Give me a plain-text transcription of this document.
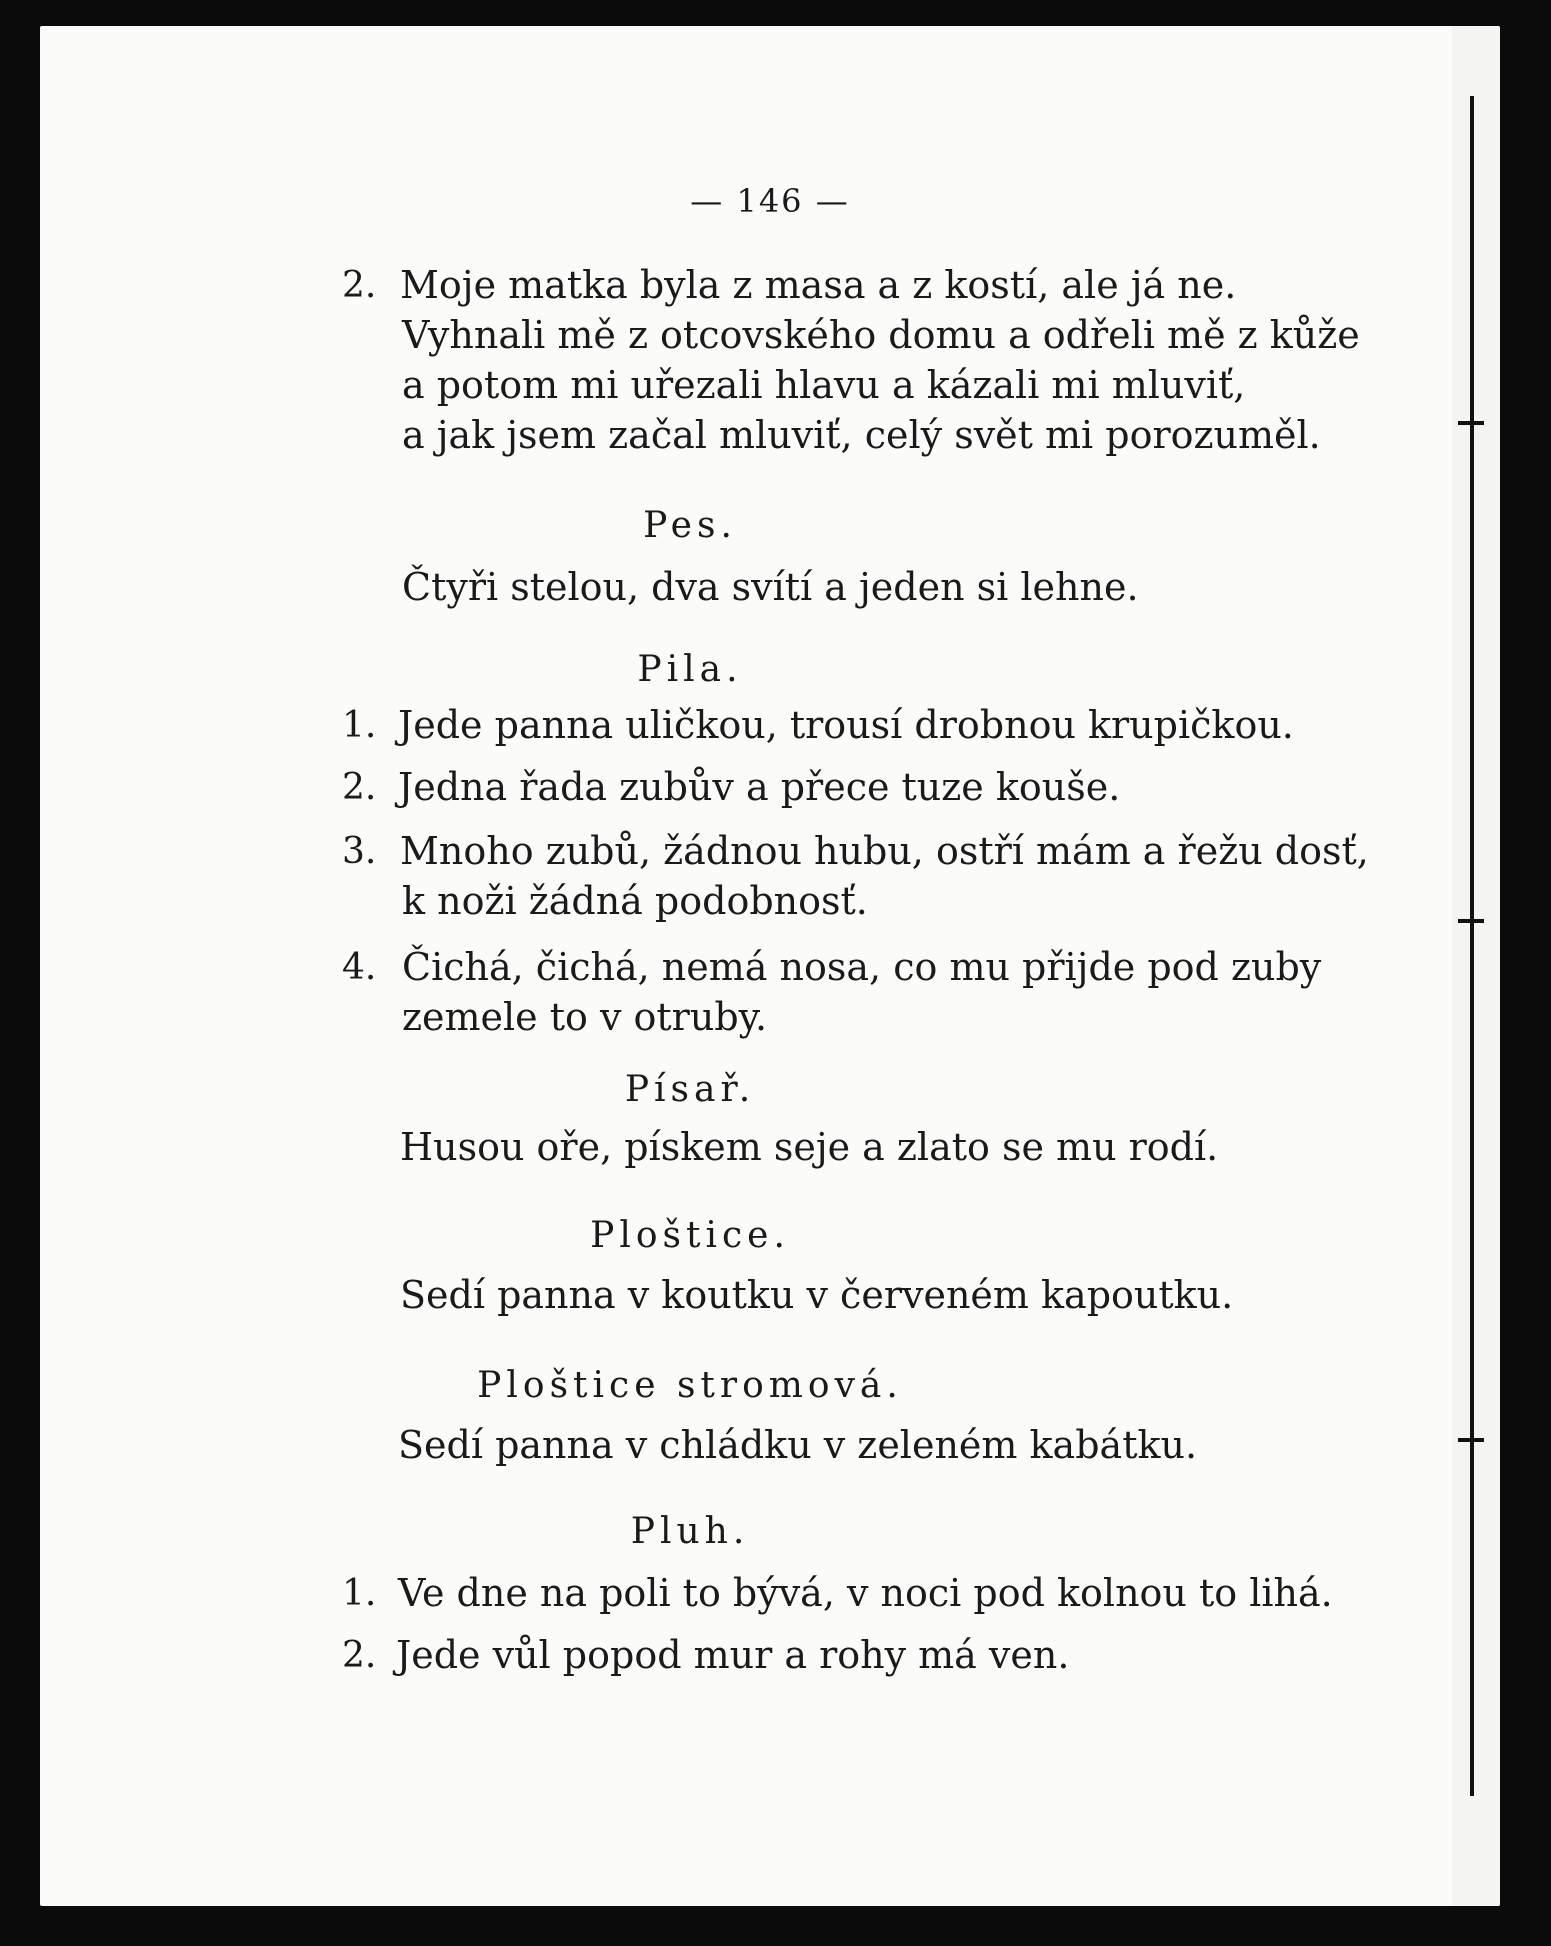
— 146 —
2. Moje matka byla z masa a z kostí, ale já ne.
Vyhnali mě z otcovského domu a odřeli mě z kůže
a potom mi uřezali hlavu a kázali mi mluviť,
a jak jsem začal mluviť, celý svět mi porozuměl.
Pes.
Čtyři stelou, dva svítí a jeden si lehne.
Pila.
1. Jede panna uličkou, trousí drobnou krupičkou.
2. Jedna řada zubův a přece tuze kouše.
3. Mnoho zubů, žádnou hubu, ostří mám a řežu dosť,
k noži žádná podobnosť.
4. Čichá, čichá, nemá nosa, co mu přijde pod zuby
zemele to v otruby.
Písař.
Husou oře, pískem seje a zlato se mu rodí.
Ploštice.
Sedí panna v koutku v červeném kapoutku.
Ploštice stromová.
Sedí panna v chládku v zeleném kabátku.
Pluh.
1. Ve dne na poli to bývá, v noci pod kolnou to lihá.
2. Jede vůl popod mur a rohy má ven.
